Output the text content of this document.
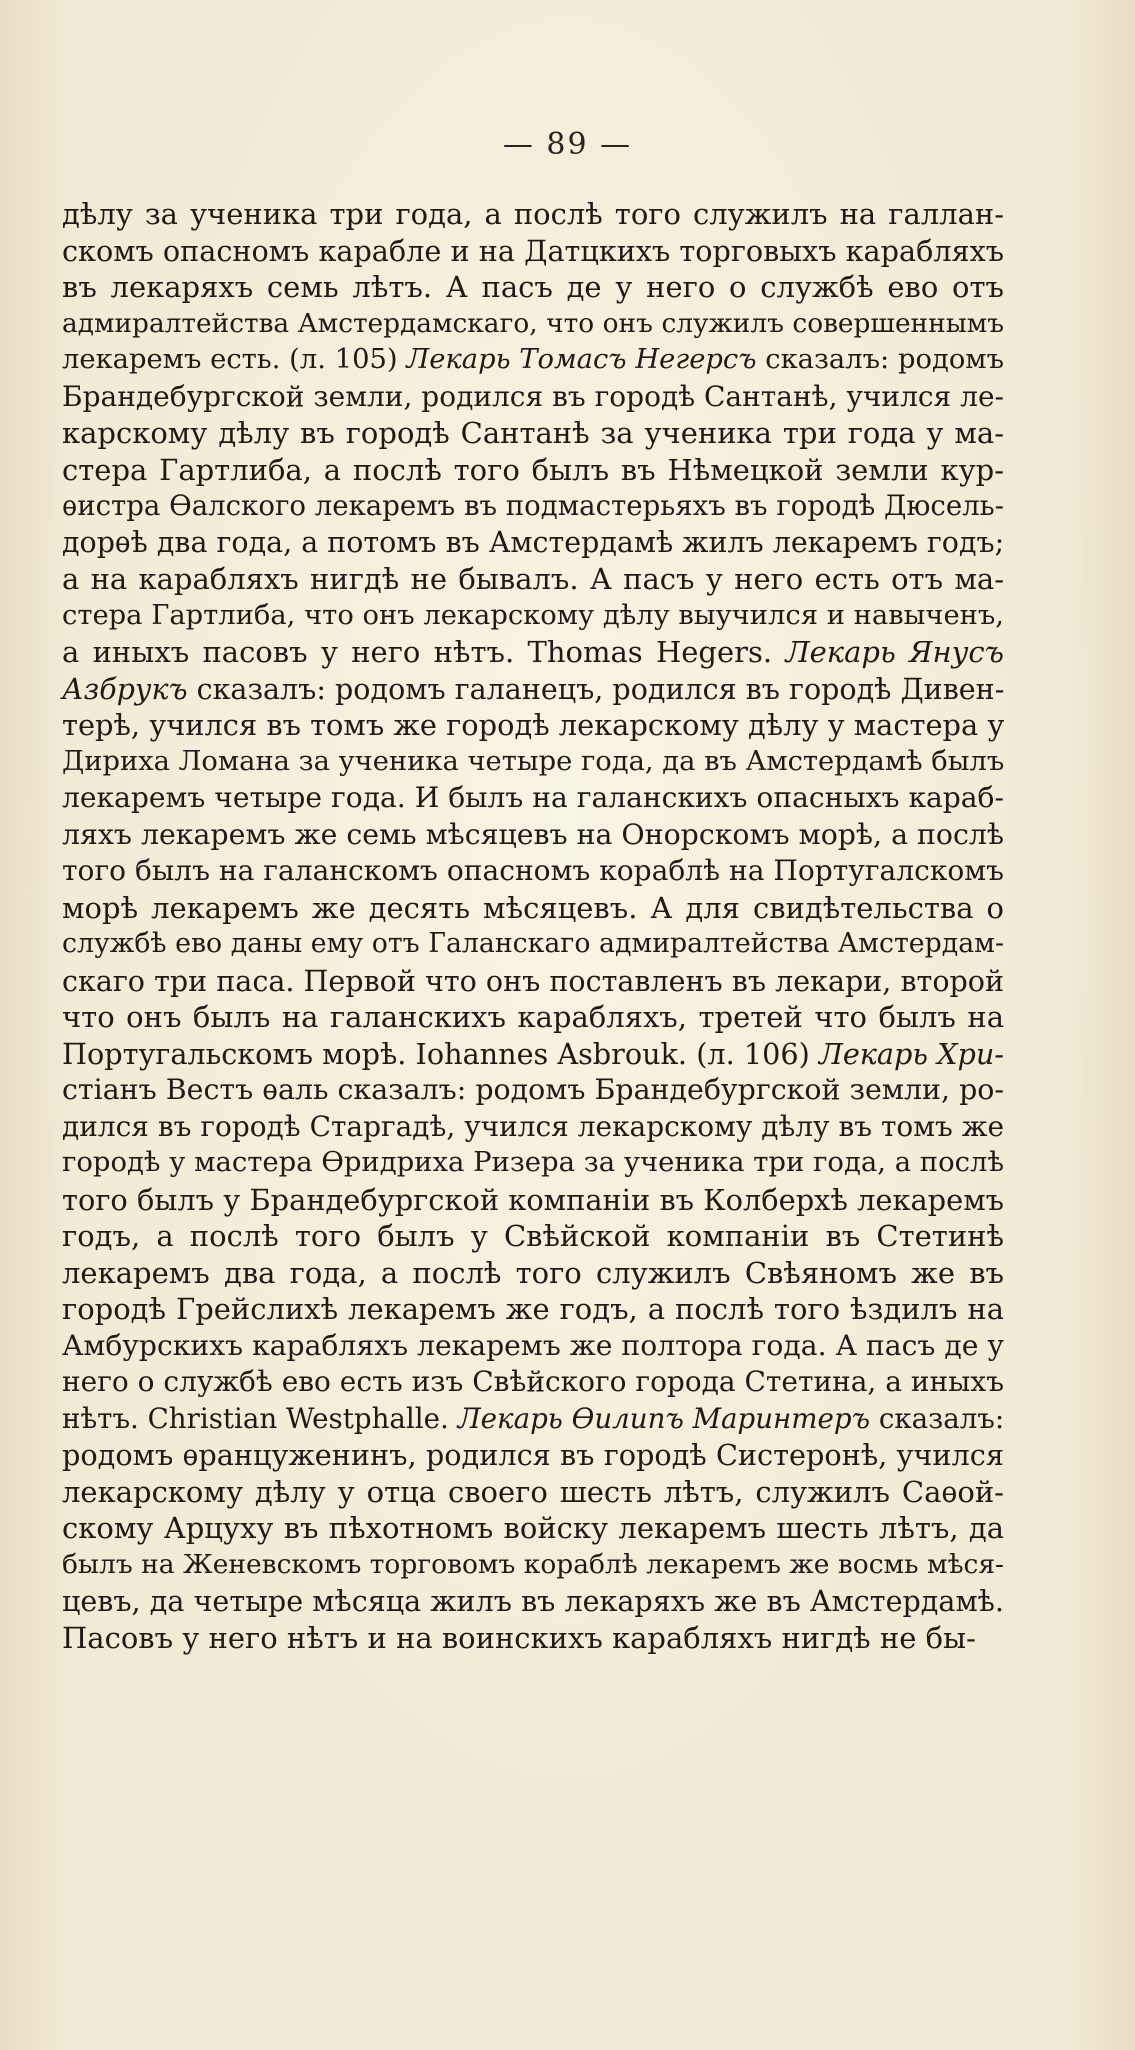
— 89 —
дѣлу за ученика три года, а послѣ того служилъ на галлан-
скомъ опасномъ карабле и на Датцкихъ торговыхъ карабляхъ
въ лекаряхъ семь лѣтъ. А пасъ де у него о службѣ ево отъ
адмиралтейства Амстердамскаго, что онъ служилъ совершеннымъ
лекаремъ есть. (л. 105) Лекарь Томасъ Негерсъ сказалъ: родомъ
Брандебургской земли, родился въ городѣ Сантанѣ, учился ле-
карскому дѣлу въ городѣ Сантанѣ за ученика три года у ма-
стера Гартлиба, а послѣ того былъ въ Нѣмецкой земли кур-
ѳистра Ѳалского лекаремъ въ подмастерьяхъ въ городѣ Дюсель-
дорѳѣ два года, а потомъ въ Амстердамѣ жилъ лекаремъ годъ;
а на карабляхъ нигдѣ не бывалъ. А пасъ у него есть отъ ма-
стера Гартлиба, что онъ лекарскому дѣлу выучился и навыченъ,
а иныхъ пасовъ у него нѣтъ. Thomas Hegers. Лекарь Янусъ
Азбрукъ сказалъ: родомъ галанецъ, родился въ городѣ Дивен-
терѣ, учился въ томъ же городѣ лекарскому дѣлу у мастера у
Дириха Ломана за ученика четыре года, да въ Амстердамѣ былъ
лекаремъ четыре года. И былъ на галанскихъ опасныхъ караб-
ляхъ лекаремъ же семь мѣсяцевъ на Онорскомъ морѣ, а послѣ
того былъ на галанскомъ опасномъ кораблѣ на Португалскомъ
морѣ лекаремъ же десять мѣсяцевъ. А для свидѣтельства о
службѣ ево даны ему отъ Галанскаго адмиралтейства Амстердам-
скаго три паса. Первой что онъ поставленъ въ лекари, второй
что онъ былъ на галанскихъ карабляхъ, третей что былъ на
Португальскомъ морѣ. Iohannes Asbrouk. (л. 106) Лекарь Хри-
стіанъ Вестъ ѳаль сказалъ: родомъ Брандебургской земли, ро-
дился въ городѣ Старгадѣ, учился лекарскому дѣлу въ томъ же
городѣ у мастера Ѳридриха Ризера за ученика три года, а послѣ
того былъ у Брандебургской компаніи въ Колберхѣ лекаремъ
годъ, а послѣ того былъ у Свѣйской компаніи въ Стетинѣ
лекаремъ два года, а послѣ того служилъ Свѣяномъ же въ
городѣ Грейслихѣ лекаремъ же годъ, а послѣ того ѣздилъ на
Амбурскихъ карабляхъ лекаремъ же полтора года. А пасъ де у
него о службѣ ево есть изъ Свѣйского города Стетина, а иныхъ
нѣтъ. Christian Westphalle. Лекарь Ѳилипъ Маринтеръ сказалъ:
родомъ ѳранцуженинъ, родился въ городѣ Систеронѣ, учился
лекарскому дѣлу у отца своего шесть лѣтъ, служилъ Саѳой-
скому Арцуху въ пѣхотномъ войску лекаремъ шесть лѣтъ, да
былъ на Женевскомъ торговомъ кораблѣ лекаремъ же восмь мѣся-
цевъ, да четыре мѣсяца жилъ въ лекаряхъ же въ Амстердамѣ.
Пасовъ у него нѣтъ и на воинскихъ карабляхъ нигдѣ не бы-
